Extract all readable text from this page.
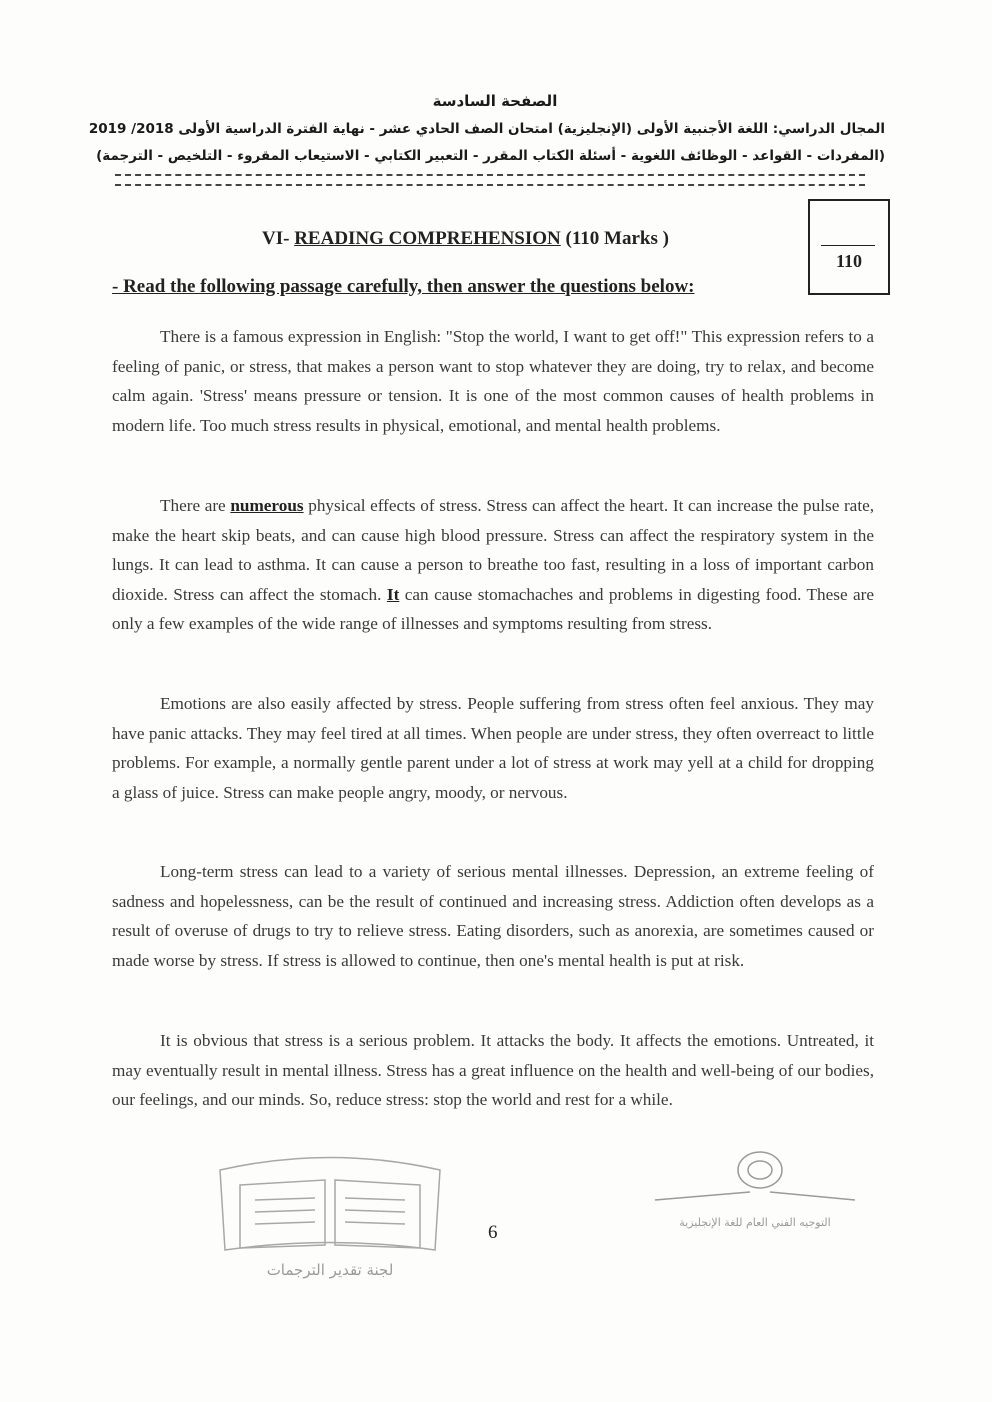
الصفحة السادسة
المجال الدراسي: اللغة الأجنبية الأولى (الإنجليزية) امتحان الصف الحادي عشر - نهاية الفترة الدراسية الأولى 2018/ 2019
(المفردات - القواعد - الوظائف اللغوية - أسئلة الكتاب المقرر - التعبير الكتابي - الاستيعاب المقروء - التلخيص - الترجمة)
VI- READING COMPREHENSION (110 Marks )
110
- Read the following passage carefully, then answer the questions below:
There is a famous expression in English: "Stop the world, I want to get off!" This expression refers to a feeling of panic, or stress, that makes a person want to stop whatever they are doing, try to relax, and become calm again. 'Stress' means pressure or tension. It is one of the most common causes of health problems in modern life. Too much stress results in physical, emotional, and mental health problems.
There are numerous physical effects of stress. Stress can affect the heart. It can increase the pulse rate, make the heart skip beats, and can cause high blood pressure. Stress can affect the respiratory system in the lungs. It can lead to asthma. It can cause a person to breathe too fast, resulting in a loss of important carbon dioxide. Stress can affect the stomach. It can cause stomachaches and problems in digesting food. These are only a few examples of the wide range of illnesses and symptoms resulting from stress.
Emotions are also easily affected by stress. People suffering from stress often feel anxious. They may have panic attacks. They may feel tired at all times. When people are under stress, they often overreact to little problems. For example, a normally gentle parent under a lot of stress at work may yell at a child for dropping a glass of juice. Stress can make people angry, moody, or nervous.
Long-term stress can lead to a variety of serious mental illnesses. Depression, an extreme feeling of sadness and hopelessness, can be the result of continued and increasing stress. Addiction often develops as a result of overuse of drugs to try to relieve stress. Eating disorders, such as anorexia, are sometimes caused or made worse by stress. If stress is allowed to continue, then one's mental health is put at risk.
It is obvious that stress is a serious problem. It attacks the body. It affects the emotions. Untreated, it may eventually result in mental illness. Stress has a great influence on the health and well-being of our bodies, our feelings, and our minds. So, reduce stress: stop the world and rest for a while.
لجنة تقدير الترجمات
التوجيه الفني العام للغة الإنجليزية
6
